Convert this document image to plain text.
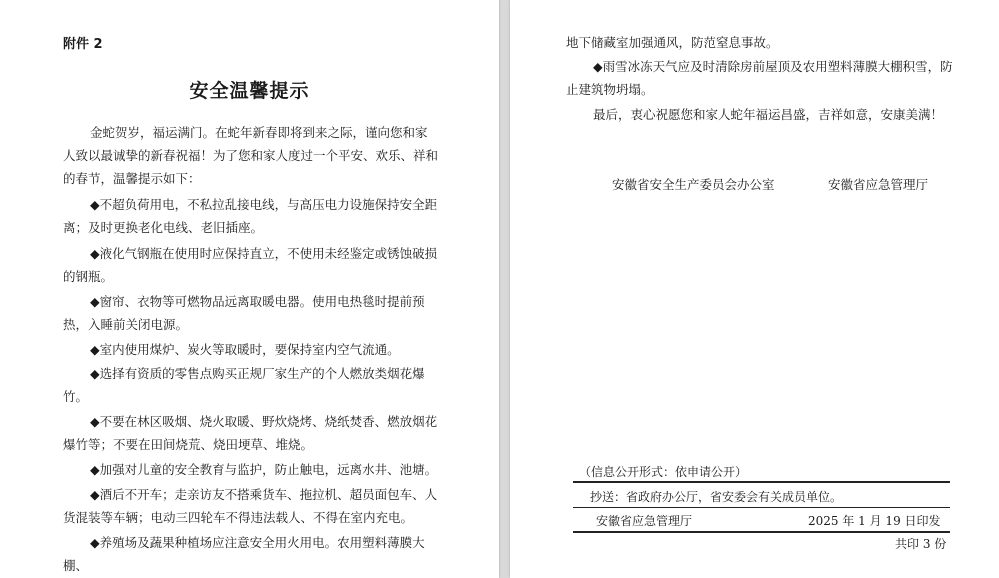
附件 2
安全温馨提示

金蛇贺岁，福运满门。在蛇年新春即将到来之际，谨向您和家人致以最诚挚的新春祝福！为了您和家人度过一个平安、欢乐、祥和的春节，温馨提示如下：

◆不超负荷用电，不私拉乱接电线，与高压电力设施保持安全距离；及时更换老化电线、老旧插座。

◆液化气钢瓶在使用时应保持直立，不使用未经鉴定或锈蚀破损的钢瓶。

◆窗帘、衣物等可燃物品远离取暖电器。使用电热毯时提前预热，入睡前关闭电源。

◆室内使用煤炉、炭火等取暖时，要保持室内空气流通。

◆选择有资质的零售点购买正规厂家生产的个人燃放类烟花爆竹。

◆不要在林区吸烟、烧火取暖、野炊烧烤、烧纸焚香、燃放烟花爆竹等；不要在田间烧荒、烧田埂草、堆烧。

◆加强对儿童的安全教育与监护，防止触电，远离水井、池塘。

◆酒后不开车；走亲访友不搭乘货车、拖拉机、超员面包车、人货混装等车辆；电动三四轮车不得违法载人、不得在室内充电。

◆养殖场及蔬果种植场应注意安全用火用电。农用塑料薄膜大棚、

地下储藏室加强通风，防范窒息事故。

◆雨雪冰冻天气应及时清除房前屋顶及农用塑料薄膜大棚积雪，防止建筑物坍塌。

最后，衷心祝愿您和家人蛇年福运昌盛，吉祥如意，安康美满！

安徽省安全生产委员会办公室	安徽省应急管理厅
（信息公开形式：依申请公开）
抄送：省政府办公厅，省安委会有关成员单位。
安徽省应急管理厅	2025 年 1 月 19 日印发
共印 3 份
